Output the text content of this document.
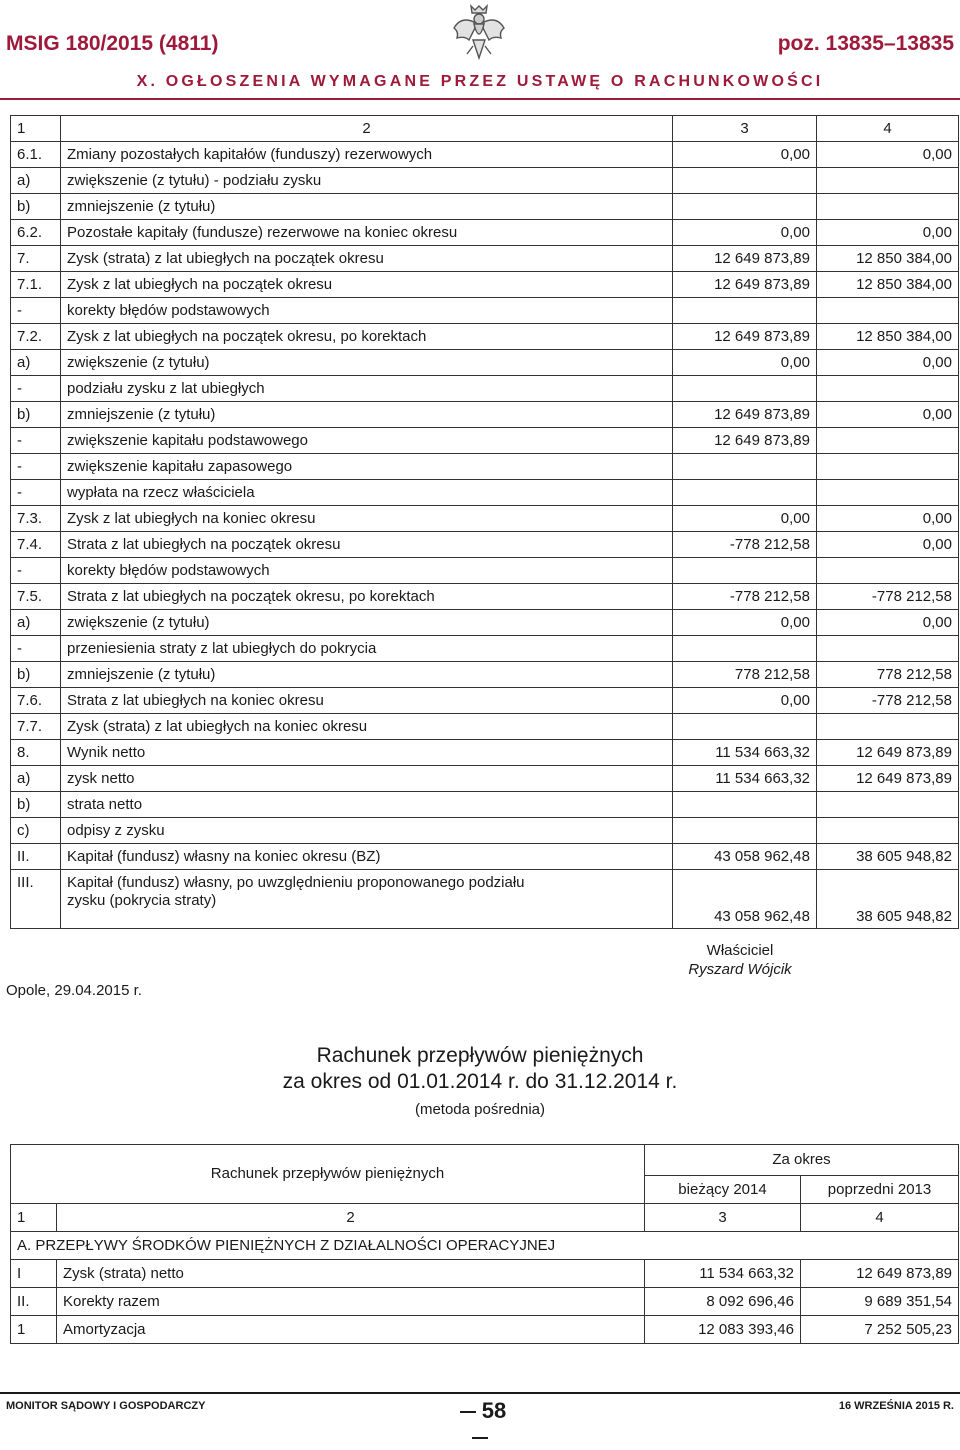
MSIG 180/2015 (4811)	poz. 13835–13835
X. OGŁOSZENIA WYMAGANE PRZEZ USTAWĘ O RACHUNKOWOŚCI
1	2	3	4
6.1.	Zmiany pozostałych kapitałów (funduszy) rezerwowych	0,00	0,00
a)	zwiększenie (z tytułu) - podziału zysku		
b)	zmniejszenie (z tytułu)		
6.2.	Pozostałe kapitały (fundusze) rezerwowe na koniec okresu	0,00	0,00
7.	Zysk (strata) z lat ubiegłych na początek okresu	12 649 873,89	12 850 384,00
7.1.	Zysk z lat ubiegłych na początek okresu	12 649 873,89	12 850 384,00
-	korekty błędów podstawowych		
7.2.	Zysk z lat ubiegłych na początek okresu, po korektach	12 649 873,89	12 850 384,00
a)	zwiększenie (z tytułu)	0,00	0,00
-	podziału zysku z lat ubiegłych		
b)	zmniejszenie (z tytułu)	12 649 873,89	0,00
-	zwiększenie kapitału podstawowego	12 649 873,89	
-	zwiększenie kapitału zapasowego		
-	wypłata na rzecz właściciela		
7.3.	Zysk z lat ubiegłych na koniec okresu	0,00	0,00
7.4.	Strata z lat ubiegłych na początek okresu	-778 212,58	0,00
-	korekty błędów podstawowych		
7.5.	Strata z lat ubiegłych na początek okresu, po korektach	-778 212,58	-778 212,58
a)	zwiększenie (z tytułu)	0,00	0,00
-	przeniesienia straty z lat ubiegłych do pokrycia		
b)	zmniejszenie (z tytułu)	778 212,58	778 212,58
7.6.	Strata z lat ubiegłych na koniec okresu	0,00	-778 212,58
7.7.	Zysk (strata) z lat ubiegłych na koniec okresu		
8.	Wynik netto	11 534 663,32	12 649 873,89
a)	zysk netto	11 534 663,32	12 649 873,89
b)	strata netto		
c)	odpisy z zysku		
II.	Kapitał (fundusz) własny na koniec okresu (BZ)	43 058 962,48	38 605 948,82
III.	Kapitał (fundusz) własny, po uwzględnieniu proponowanego podziału
zysku (pokrycia straty)	43 058 962,48	38 605 948,82
Opole, 29.04.2015 r.
Właściciel
Ryszard Wójcik
Rachunek przepływów pieniężnych
za okres od 01.01.2014 r. do 31.12.2014 r.
(metoda pośrednia)
Rachunek przepływów pieniężnych		Za okres	
		bieżący 2014	poprzedni 2013
1	2	3	4
A. PRZEPŁYWY ŚRODKÓW PIENIĘŻNYCH Z DZIAŁALNOŚCI OPERACYJNEJ			
I	Zysk (strata) netto	11 534 663,32	12 649 873,89
II.	Korekty razem	8 092 696,46	9 689 351,54
1	Amortyzacja	12 083 393,46	7 252 505,23
MONITOR SĄDOWY I GOSPODARCZY	58	16 WRZEŚNIA 2015 R.
